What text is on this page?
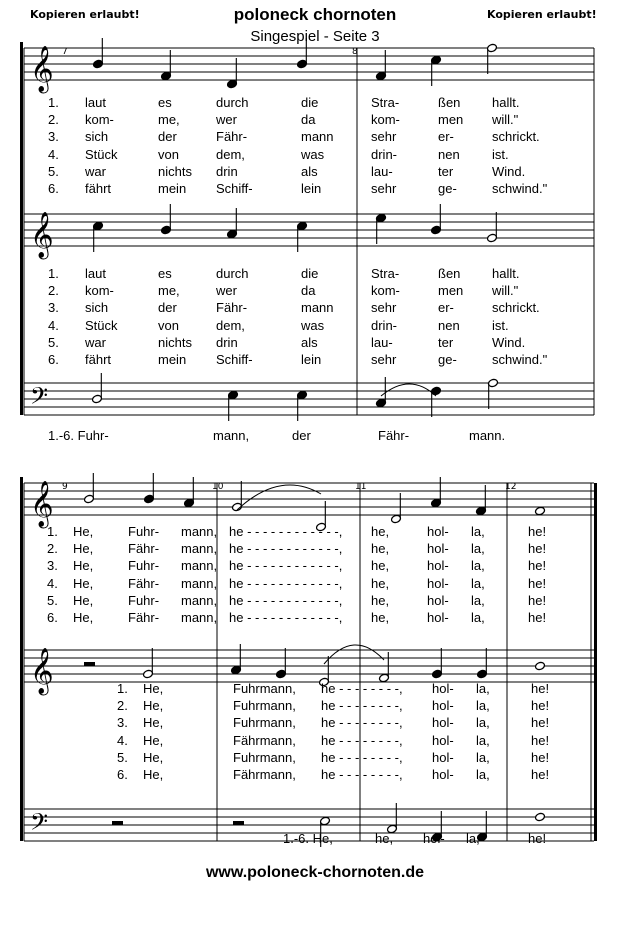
Kopieren erlaubt!	poloneck chornoten	Kopieren erlaubt!
Singespiel - Seite 3
𝄞
𝄞
𝄢
7	8
𝄞
𝄞
𝄢
9	10	11	12
1. laut	es	durch	die	Stra-	ßen hallt.
2. kom-	me,	wer	da	kom-	men will."
3. sich	der	Fähr-	mann	sehr	er-	schrickt.
4. Stück	von	dem,	was	drin-	nen ist.
5. war	nichts drin	als	lau-	ter	Wind.
6. fährt	mein Schiff-	lein	sehr	ge-	schwind."
1. laut	es	durch	die	Stra-	ßen hallt.
2. kom-	me,	wer	da	kom-	men will."
3. sich	der	Fähr-	mann	sehr	er-	schrickt.
4. Stück	von	dem,	was	drin-	nen ist.
5. war	nichts drin	als	lau-	ter	Wind.
6. fährt	mein Schiff-	lein	sehr	ge-	schwind."
1.-6. Fuhr-	mann,	der	Fähr-	mann.
1. He,	Fuhr- mann, he - - - - - - - - - - - -, he,	hol- la,	he!
2. He,	Fähr- mann, he - - - - - - - - - - - -, he,	hol- la,	he!
3. He,	Fuhr- mann, he - - - - - - - - - - - -, he,	hol- la,	he!
4. He,	Fähr- mann, he - - - - - - - - - - - -, he,	hol- la,	he!
5. He,	Fuhr- mann, he - - - - - - - - - - - -, he,	hol- la,	he!
6. He,	Fähr- mann, he - - - - - - - - - - - -, he,	hol- la,	he!
1. He,	Fuhrmann, he - - - - - - - -, hol- la,	he!
2. He,	Fuhrmann, he - - - - - - - -, hol- la,	he!
3. He,	Fuhrmann, he - - - - - - - -, hol- la,	he!
4. He,	Fährmann, he - - - - - - - -, hol- la,	he!
5. He,	Fuhrmann, he - - - - - - - -, hol- la,	he!
6. He,	Fährmann, he - - - - - - - -, hol- la,	he!
1.-6. He,	he, hol- la,	he!
www.poloneck-chornoten.de
